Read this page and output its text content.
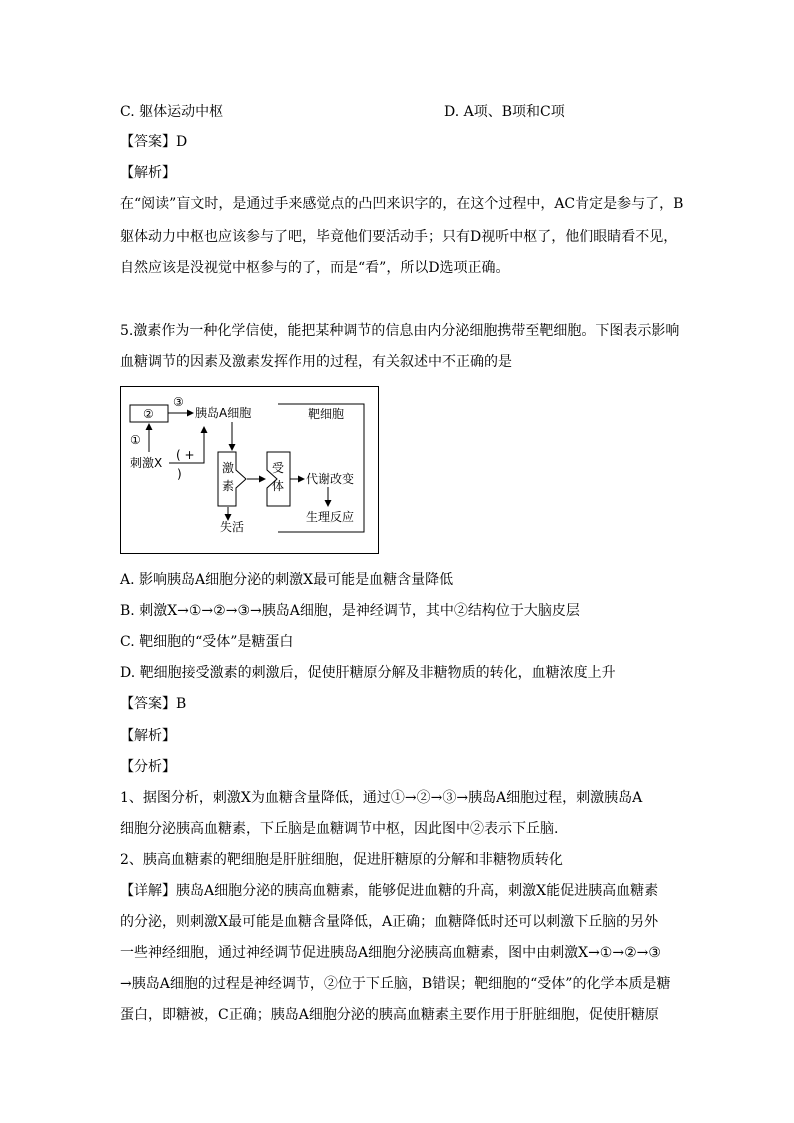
C. 躯体运动中枢	D. A项、B项和C项
【答案】D
【解析】
在“阅读”盲文时，是通过手来感觉点的凸凹来识字的，在这个过程中，AC肯定是参与了，B
躯体动力中枢也应该参与了吧，毕竟他们要活动手；只有D视听中枢了，他们眼睛看不见，
自然应该是没视觉中枢参与的了，而是“看”，所以D选项正确。
5.激素作为一种化学信使，能把某种调节的信息由内分泌细胞携带至靶细胞。下图表示影响
血糖调节的因素及激素发挥作用的过程，有关叙述中不正确的是
②
③
胰岛A细胞
①
刺激X
( +
)	激
素
失活
靶细胞
受
体 代谢改变
生理反应
A. 影响胰岛A细胞分泌的刺激X最可能是血糖含量降低
B. 刺激X→①→②→③→胰岛A细胞，是神经调节，其中②结构位于大脑皮层
C. 靶细胞的“受体”是糖蛋白
D. 靶细胞接受激素的刺激后，促使肝糖原分解及非糖物质的转化，血糖浓度上升
【答案】B
【解析】
【分析】
1、据图分析，刺激X为血糖含量降低，通过①→②→③→胰岛A细胞过程，刺激胰岛A
细胞分泌胰高血糖素，下丘脑是血糖调节中枢，因此图中②表示下丘脑.
2、胰高血糖素的靶细胞是肝脏细胞，促进肝糖原的分解和非糖物质转化
【详解】胰岛A细胞分泌的胰高血糖素，能够促进血糖的升高，刺激X能促进胰高血糖素
的分泌，则刺激X最可能是血糖含量降低，A正确；血糖降低时还可以刺激下丘脑的另外
一些神经细胞，通过神经调节促进胰岛A细胞分泌胰高血糖素，图中由刺激X→①→②→③
→胰岛A细胞的过程是神经调节，②位于下丘脑，B错误；靶细胞的“受体”的化学本质是糖
蛋白，即糖被，C正确；胰岛A细胞分泌的胰高血糖素主要作用于肝脏细胞，促使肝糖原
